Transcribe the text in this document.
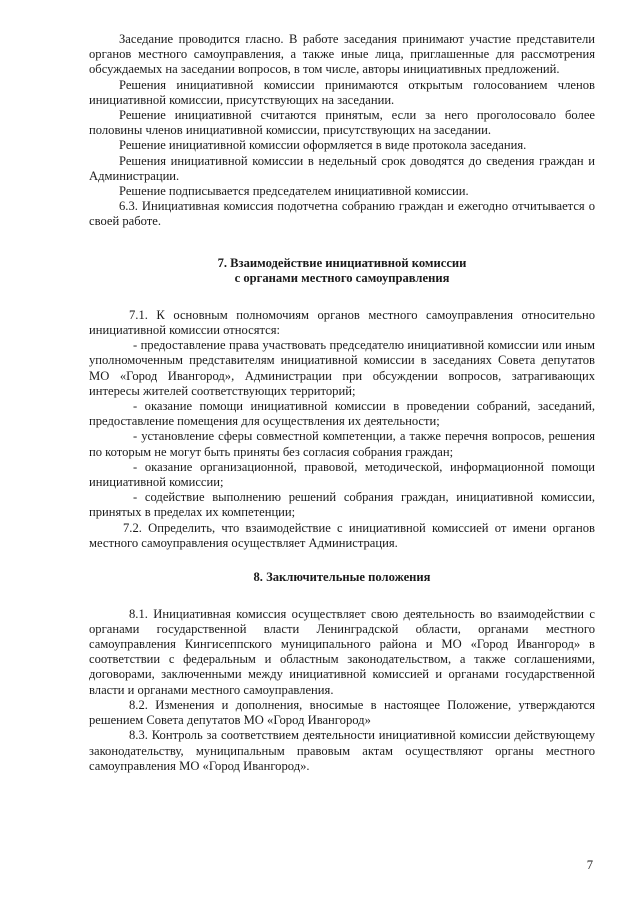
Заседание проводится гласно. В работе заседания принимают участие представители органов местного самоуправления, а также иные лица, приглашенные для рассмотрения обсуждаемых на заседании вопросов, в том числе, авторы инициативных предложений.

Решения инициативной комиссии принимаются открытым голосованием членов инициативной комиссии, присутствующих на заседании.

Решение инициативной считаются принятым, если за него проголосовало более половины членов инициативной комиссии, присутствующих на заседании.

Решение инициативной комиссии оформляется в виде протокола заседания.

Решения инициативной комиссии в недельный срок доводятся до сведения граждан и Администрации.

Решение подписывается председателем инициативной комиссии.

6.3. Инициативная комиссия подотчетна собранию граждан и ежегодно отчитывается о своей работе.

7. Взаимодействие инициативной комиссии

с органами местного самоуправления

7.1. К основным полномочиям органов местного самоуправления относительно инициативной комиссии относятся:

- предоставление права участвовать председателю инициативной комиссии или иным уполномоченным представителям инициативной комисcии в заседаниях Совета депутатов МО «Город Ивангород», Администрации при обсуждении вопросов, затрагивающих интересы жителей соответствующих территорий;

- оказание помощи инициативной комиссии в проведении собраний, заседаний, предоставление помещения для осуществления их деятельности;

- установление сферы совместной компетенции, а также перечня вопросов, решения по которым не могут быть приняты без согласия собрания граждан;

- оказание организационной, правовой, методической, информационной помощи инициативной комиссии;

- содействие выполнению решений собрания граждан, инициативной комиссии, принятых в пределах их компетенции;

7.2. Определить, что взаимодействие с инициативной комиссией от имени органов местного самоуправления осуществляет Администрация.

8. Заключительные положения

8.1. Инициативная комиссия осуществляет свою деятельность во взаимодействии с органами государственной власти Ленинградской области, органами местного самоуправления Кингисеппского муниципального района и МО «Город Ивангород» в соответствии с федеральным и областным законодательством, а также соглашениями, договорами, заключенными между инициативной комиссией и органами государственной власти и органами местного самоуправления.

8.2. Изменения и дополнения, вносимые в настоящее Положение, утверждаются решением Совета депутатов МО «Город Ивангород»

8.3. Контроль за соответствием деятельности инициативной комиссии действующему законодательству, муниципальным правовым актам осуществляют органы местного самоуправления МО «Город Ивангород».

7
